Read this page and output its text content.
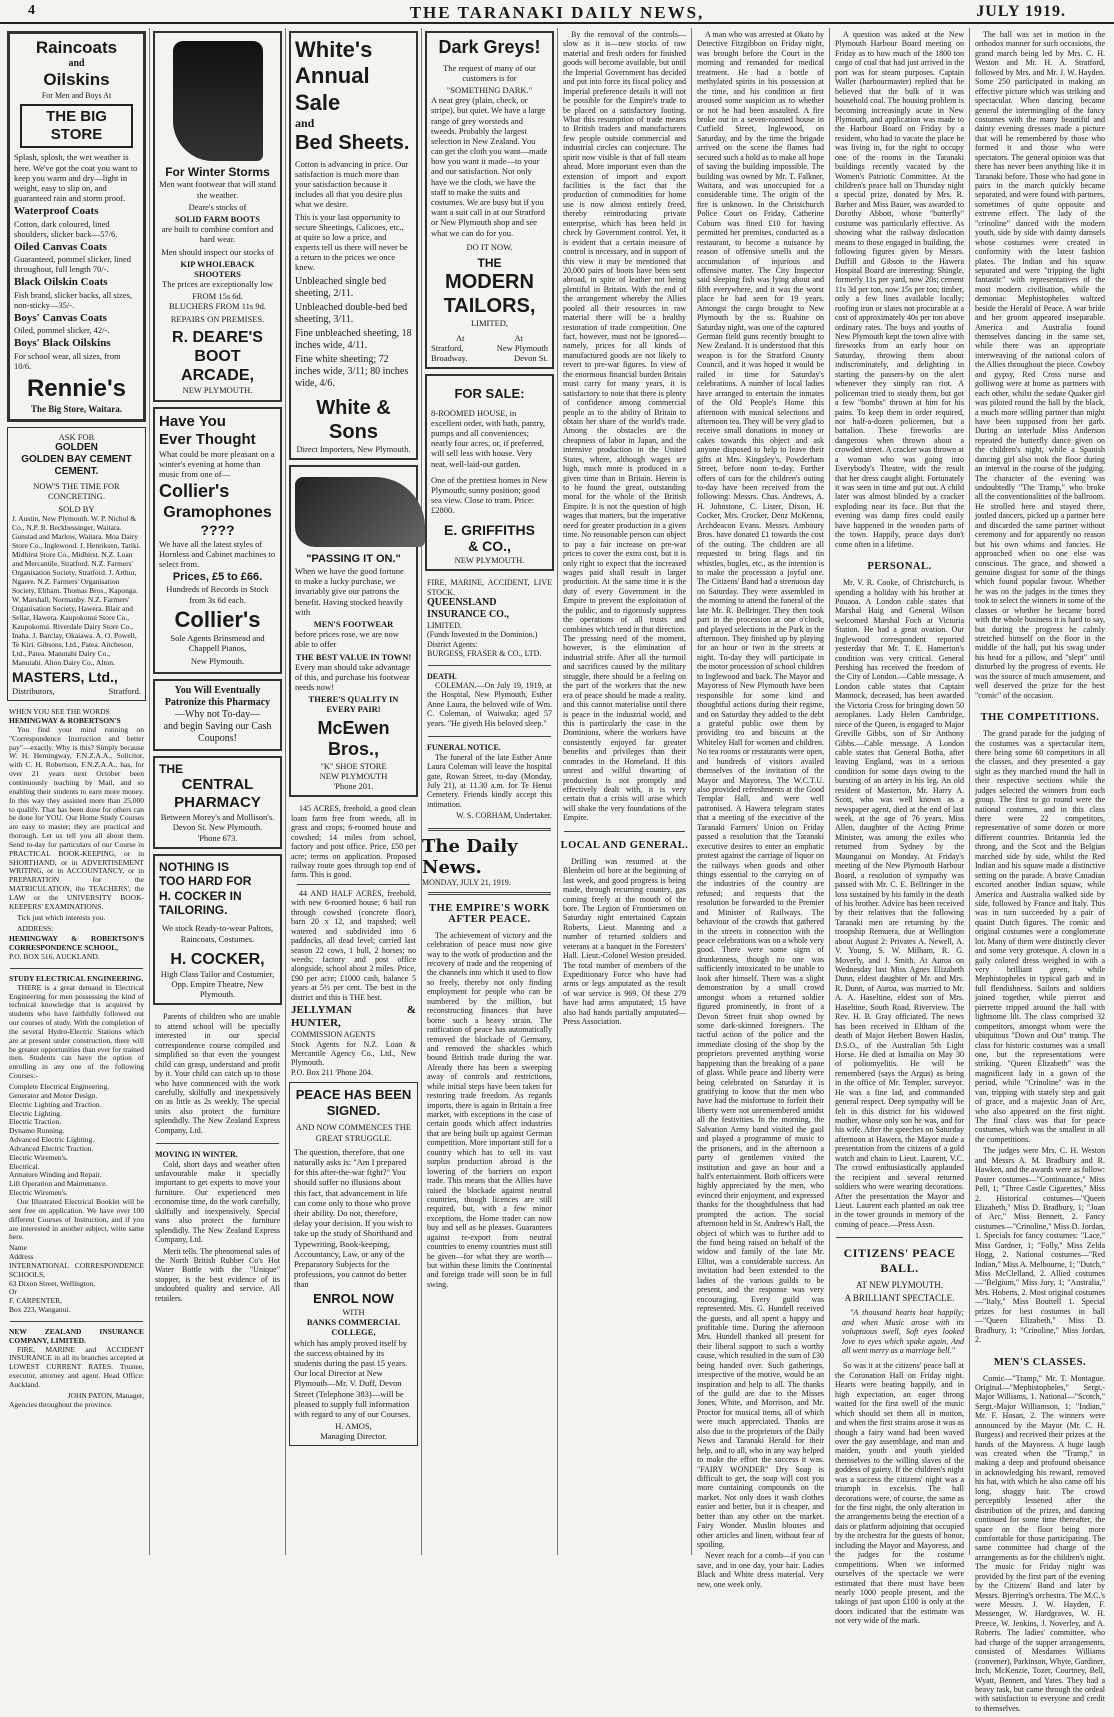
4	THE TARANAKI DAILY NEWS,	JULY 1919.
Raincoats
and
Oilskins
For Men and Boys At
THE BIG STORE

Splash, splosh, the wet weather is here. We've got the coat you want to keep you warm and dry—light in weight, easy to slip on, and guaranteed rain and storm proof.

Waterproof Coats

Cotton, dark coloured, lined shoulders, slicker back—57/6.

Oiled Canvas Coats

Guaranteed, pommel slicker, lined throughout, full length 70/-.

Black Oilskin Coats

Fish brand, slicker backs, all sizes, non-sticky—35/-.

Boys' Canvas Coats

Oiled, pommel slicker, 42/-.

Boys' Black Oilskins

For school wear, all sizes, from 10/6.

Rennie's
The Big Store, Waitara.
ASK FOR
GOLDEN
GOLDEN BAY CEMENT
CEMENT.
NOW'S THE TIME FOR CONCRETING.
SOLD BY

J. Austin, New Plymouth. W. P. Nichol & Co., N.P. R. Beckbessinger, Waitara. Gunstad and Marlow, Waitara. Moa Dairy Store Co., Inglewood. J. Henriksen, Tariki. Midhirst Store Co., Midhirst. N.Z. Loan and Mercantile, Stratford. N.Z. Farmers' Organisation Society, Stratford. J. Arthur, Ngaere. N.Z. Farmers' Organisation Society, Eltham. Thomas Bros., Kaponga. W. Marshall, Normanby. N.Z. Farmers' Organisation Society, Hawera. Blair and Sellar, Hawera. Kaupokonui Store Co., Kaupokonui. Riverdale Dairy Store Co., Inaha. J. Barclay, Okaiawa. A. O. Powell, Te Kiri. Gibsons, Ltd., Patea. Aitcheson, Ltd., Patea. Manutahi Dairy Co., Manutahi. Alton Dairy Co., Alton.

MASTERS, Ltd.,
Distributors,	Stratford.
WHEN YOU SEE THE WORDS
HEMINGWAY & ROBERTSON'S

You find your mind running on "Correspondence Instruction and better pay"—exactly. Why is this? Simply because W. H. Hemingway, F.N.Z.A.A., Solicitor, with C. H. Robertson, F.N.Z.A.A., has, for over 21 years next October been continuously teaching by Mail, and so enabling their students to earn more money. In this way they assisted more than 25,000 to qualify. That has been done for others can be done for YOU. Our Home Study Courses are easy to master; they are practical and thorough. Let us tell you all about them. Send to-day for particulars of our Course in PRACTICAL BOOK-KEEPING, or in SHORTHAND, or in ADVERTISEMENT WRITING, or in ACCOUNTANCY, or in PREPARATION for the MATRICULATION, the TEACHERS', the LAW or the UNIVERSITY BOOK-KEEPERS' EXAMINATIONS.

Tick just which interests you.

ADDRESS:

HEMINGWAY & ROBERTSON'S CORRESPONDENCE SCHOOL,
P.O. BOX 516, AUCKLAND.
STUDY ELECTRICAL ENGINEERING.

THERE is a great demand in Electrical Engineering for men possessing the kind of technical knowledge that is acquired by students who have faithfully followed out our courses of study. With the completion of the several Hydro-Electric Stations which are at present under construction, there will be greater opportunities than ever for trained men. Students can have the option of enrolling in any one of the following Courses:-

Complete Electrical Engineering.
Generator and Motor Design.
Electric Lighting and Traction.
Electric Lighting.
Electric Traction.
Dynamo Running.
Advanced Electric Lighting.
Advanced Electric Traction.
Electric Wiremen's.
Electrical.
Armature Winding and Repair.
Lift Operation and Maintenance.
Electric Wiremen's.

Our Illustrated Electrical Booklet will be sent free on application. We have over 100 different Courses of Instruction, and if you are interested in another subject, write same here.

Name
Address
INTERNATIONAL CORRESPONDENCE SCHOOLS,
63 Dixon Street, Wellington,
Or
F. CARPENTER,
Box 223, Wanganui.
NEW ZEALAND INSURANCE COMPANY, LIMITED.

FIRE, MARINE and ACCIDENT INSURANCE in all its branches accepted at LOWEST CURRENT RATES. Trustee, executor, attorney and agent. Head Office: Auckland.

JOHN PATON, Manager,
Agencies throughout the province.
For Winter Storms

Men want footwear that will stand the weather.

Deare's stocks of

SOLID FARM BOOTS

are built to combine comfort and hard wear.

Men should inspect our stocks of

KIP WHOLEBACK SHOOTERS

The prices are exceptionally low

FROM 15s 6d.
BLUCHERS FROM 11s 9d.
REPAIRS ON PREMISES.
R. DEARE'S
BOOT
ARCADE,
NEW PLYMOUTH.
Have You
Ever Thought

What could be more pleasant on a winter's evening at home than music from one of—

Collier's
Gramophones
????

We have all the latest styles of Hornless and Cabinet machines to select from.

Prices, £5 to £66.

Hundreds of Records in Stock from 3s 6d each.

Collier's

Sole Agents Brinsmead and Chappell Pianos,

New Plymouth.

You Will Eventually
Patronize this Pharmacy
—Why not To-day—
and begin Saving our Cash
Coupons!
THE
CENTRAL
PHARMACY
Between Morey's and Mollison's.
Devon St. New Plymouth.
'Phone 673.
NOTHING IS
TOO HARD FOR
H. COCKER IN
TAILORING.

We stock Ready-to-wear Paltots, Raincoats, Costumes.

H. COCKER,
High Class Tailor and Costumier,
Opp. Empire Theatre, New Plymouth.

Parents of children who are unable to attend school will be specially interested in our special correspondence course compiled and simplified so that even the youngest child can grasp, understand and profit by it. Your child can catch up to those who have commenced with the work carefully, skilfully and inexpensively on as little as 2s weekly. The special units also protect the furniture splendidly. The New Zealand Express Company, Ltd.

MOVING IN WINTER.

Cold, short days and weather often unfavourable make it specially important to get experts to move your furniture. Our experienced men economise time, do the work carefully, skilfully and inexpensively. Special vans also protect the furniture splendidly. The New Zealand Express Company, Ltd.

Merit tells. The phenomenal sales of the North British Rubber Co's Hot Water Bottle with the "Unique" stopper, is the best evidence of its undoubted quality and service. All retailers.

White's
Annual
Sale
and
Bed Sheets.

Cotton is advancing in price. Our satisfaction is much more than your satisfaction because it includes all that you desire plus what we desire.

This is your last opportunity to secure Sheetings, Calicoes, etc., at quite so low a price, and experts tell us there will never be a return to the prices we once knew.

Unbleached single bed sheeting, 2/11.

Unbleached double-bed bed sheeting, 3/11.

Fine unbleached sheeting, 18 inches wide, 4/11.

Fine white sheeting; 72 inches wide, 3/11; 80 inches wide, 4/6.

White & Sons
Direct Importers, New Plymouth.
"PASSING IT ON."

When we have the good fortune to make a lucky purchase, we invariably give our patrons the benefit. Having stocked heavily with

MEN'S FOOTWEAR

before prices rose, we are now able to offer

THE BEST VALUE IN TOWN!

Every man should take advantage of this, and purchase his footwear needs now!

THERE'S QUALITY IN EVERY PAIR!
McEwen Bros.,
"K" SHOE STORE
NEW PLYMOUTH
'Phone 201.

145 ACRES, freehold, a good clean loam farm free from weeds, all in grass and crops; 6-roomed house and cowshed; 14 miles from school, factory and post office. Price, £50 per acre; terms on application. Proposed railway route goes through top end of farm. This is good.

44 AND HALF ACRES, freehold, with new 6-roomed house; 6 bail run through cowshed (concrete floor), barn 20 x 12, and trapshed; well watered and subdivided into 6 paddocks, all dead level; carried last season 22 cows, 1 bull, 2 horses; no weeds; factory and post office alongside, school about 2 miles. Price, £90 per acre; £1000 cash, balance 5 years at 5½ per cent. The best in the district and this is THE best.

JELLYMAN & HUNTER,
COMMISSION AGENTS
Stock Agents for N.Z. Loan & Mercantile Agency Co., Ltd., New Plymouth.
P.O. Box 211 'Phone 204.
PEACE HAS BEEN
SIGNED.
AND NOW COMMENCES THE GREAT STRUGGLE.

The question, therefore, that one naturally asks is: "Am I prepared for this after-the-war fight?" You should suffer no illusions about this fact, that advancement in life can come only to those who prove their ability. Do not, therefore, delay your decision. If you wish to take up the study of Shorthand and Typewriting, Book-keeping, Accountancy, Law, or any of the Preparatory Subjects for the professions, you cannot do better than

ENROL NOW
WITH
BANKS COMMERCIAL COLLEGE,

which has amply proved itself by the success obtained by its students during the past 15 years. Our local Director at New Plymouth—Mr. V. Duff, Devon Street (Telephone 383)—will be pleased to supply full information with regard to any of our Courses.

H. AMOS,
Managing Director.
Dark Greys!

The request of many of our customers is for

"SOMETHING DARK."

A neat grey (plain, check, or stripe), but quiet. We have a large range of grey worsteds and tweeds. Probably the largest selection in New Zealand. You can get the cloth you want—made how you want it made—to your and our satisfaction. Not only have we the cloth, we have the staff to make the suits and costumes. We are busy but if you want a suit call in at our Stratford or New Plymouth shop and see what we can do for you.

DO IT NOW.
THE
MODERN
TAILORS,
LIMITED,
At	At
Stratford,	New Plymouth
Broadway.	Devon St.
FOR SALE:

8-ROOMED HOUSE, in excellent order, with bath, pantry, pumps and all conveniences; nearly four acres, or, if preferred, will sell less with house. Very neat, well-laid-out garden.

One of the prettiest homes in New Plymouth; sunny position; good sea view. Close to tram. Price: £2800.

E. GRIFFITHS
& CO.,
NEW PLYMOUTH.
FIRE, MARINE, ACCIDENT, LIVE STOCK.
QUEENSLAND INSURANCE CO.,
LIMITED.
(Funds Invested in the Dominion.)
District Agents:
BURGESS, FRASER & CO., LTD.
DEATH.

COLEMAN.—On July 19, 1919, at the Hospital, New Plymouth, Esther Anne Laura, the beloved wife of Wm. C. Coleman, of Waiwaka; aged 57 years. "He giveth His beloved sleep."

FUNERAL NOTICE.

The funeral of the late Esther Anne Laura Coleman will leave the hospital gate, Rowan Street, to-day (Monday, July 21), at 11.30 a.m. for Te Henui Cemetery. Friends kindly accept this intimation.

W. S. CORHAM, Undertaker.
The Daily News.
MONDAY, JULY 21, 1919.
THE EMPIRE'S WORK AFTER PEACE.

The achievement of victory and the celebration of peace must now give way to the work of production and the recovery of trade and the reopening of the channels into which it used to flow so freely, thereby not only finding employment for people who can be numbered by the million, but reconstructing finances that have borne such a heavy strain. The ratification of peace has automatically removed the blockade of Germany, and removed the shackles which bound British trade during the war. Already there has been a sweeping away of controls and restrictions, while initial steps have been taken for restoring trade freedom. As regards imports, there is again in Britain a free market, with exceptions in the case of certain goods which affect industries that are being built up against German competition. More important still for a country which has to sell its vast surplus production abroad is the lowering of the barriers on export trade. This means that the Allies have raised the blockade against neutral countries, though licences are still required, but, with a few minor exceptions, the Home trader can now buy and sell as he pleases. Guarantees against re-export from neutral countries to enemy countries must still be given—for what they are worth—but within these limits the Continental and foreign trade will soon be in full swing.

By the removal of the controls—slow as it is—new stocks of raw material and fresh orders for finished goods will become available, but until the Imperial Government has decided and put into force its fiscal policy and Imperial preference details it will not be possible for the Empire's trade to be placed on a satisfactory footing. What this resumption of trade means to British traders and manufacturers few people outside commercial and industrial circles can conjecture. The spirit now visible is that of full steam ahead. More important even than the extension of import and export facilities is the fact that the production of commodities for home use is now almost entirely freed, thereby reintroducing private enterprise, which has been held in check by Government control. Yet, it is evident that a certain measure of control is necessary, and in support of this view it may be mentioned that 20,000 pairs of boots have been sent abroad, in spite of leather not being plentiful in Britain. With the end of the arrangement whereby the Allies pooled all their resources in raw material there will be a healthy restoration of trade competition. One fact, however, must not be ignored—namely, prices for all kinds of manufactured goods are not likely to revert to pre-war figures. In view of the enormous financial burden Britain must carry for many years, it is satisfactory to note that there is plenty of confidence among commercial people as to the ability of Britain to obtain her share of the world's trade. Among the obstacles are the cheapness of labor in Japan, and the intensive production in the United States, where, although wages are high, much more is produced in a given time than in Britain. Herein is to be found the great, outstanding moral for the whole of the British Empire. It is not the question of high wages that matters, but the imperative need for greater production in a given time. No reasonable person can object to pay a fair increase on pre-war prices to cover the extra cost, but it is only right to expect that the increased wages paid shall result in larger production. At the same time it is the duty of every Government in the Empire to prevent the exploitation of the public, and to rigorously suppress the operations of all trusts and combines which tend in that direction. The pressing need of the moment, however, is the elimination of industrial strife. After all the turmoil and sacrifices caused by the military struggle, there should be a feeling on the part of the workers that the new era of peace should be made a reality, and this cannot materialise until there is peace in the industrial world, and this is particularly the case in the Dominions, where the workers have consistently enjoyed far greater benefits and privileges than their comrades in the Homeland. If this unrest and wilful thwarting of production is not promptly and effectively dealt with, it is very certain that a crisis will arise which will shake the very foundations of the Empire.

LOCAL AND GENERAL.

Drilling was resumed at the Blenheim oil bore at the beginning of last week, and good progress is being made, through recurring country, gas coming freely at the mouth of the bore. The Legion of Frontiersmen on Saturday night entertained Captain Roberts, Lieut. Manning and a number of returned soldiers and veterans at a banquet in the Foresters' Hall. Lieut.-Colonel Weston presided. The total number of members of the Expeditionary Force who have had arms or legs amputated as the result of war service is 969. Of these 279 have had arms amputated; 15 have also had hands partially amputated—Press Association.

A man who was arrested at Okato by Detective Fitzgibbon on Friday night, was brought before the Court in the morning and remanded for medical treatment. He had a bottle of methylated spirits in his possession at the time, and his condition at first aroused some suspicion as to whether or not he had been assaulted. A fire broke out in a seven-roomed house in Cutfield Street, Inglewood, on Saturday, and by the time the brigade arrived on the scene the flames had secured such a hold as to make all hope of saving the building impossible. The building was owned by Mr. T. Falkner, Waitara, and was unoccupied for a considerable time. The origin of the fire is unknown. In the Christchurch Police Court on Friday, Catherine Coburn was fined £10 for having permitted her premises, conducted as a restaurant, to become a nuisance by reason of offensive smells and the accumulation of injurious and offensive matter. The City Inspector said sleeping fish was lying about and filth everywhere, and it was the worst place he had seen for 19 years. Amongst the cargo brought to New Plymouth by the ss. Ruahine on Saturday night, was one of the captured German field guns recently brought to New Zealand. It is understood that this weapon is for the Stratford County Council, and it was hoped it would be railed in time for Saturday's celebrations. A number of local ladies have arranged to entertain the inmates of the Old People's Home this afternoon with musical selections and afternoon tea. They will be very glad to receive small donations in money or cakes towards this object and ask anyone disposed to help to leave their gifts at Mrs. Kingsley's, Powderham Street, before noon to-day. Further offers of cars for the children's outing to-day have been received from the following: Messrs. Chas. Andrews, A. H. Johnstone, C. Lister, Dixon, H. Cocker, Mrs. Crocker, Denz McKenna, Archdeacon Evans. Messrs. Amboury Bros. have donated £1 towards the cost of the outing. The children are all requested to bring flags and tin whistles, bugles, etc., as the intention is to make the procession a joyful one. The Citizens' Band had a strenuous day on Saturday. They were assembled in the morning to attend the funeral of the late Mr. R. Bellringer. They then took part in the procession at one o'clock, and played selections in the Park in the afternoon. They finished up by playing for an hour or two in the streets at night. To-day they will participate in the motor procession of school children to Inglewood and back. The Mayor and Mayoress of New Plymouth have been responsible for some kind and thoughtful actions during their regime, and on Saturday they added to the debt a grateful public owe them by providing tea and biscuits at the Whiteley Hall for women and children. No tea rooms or restaurants were open, and hundreds of visitors availed themselves of the invitation of the Mayor and Mayoress. The W.C.T.U. also provided refreshments at the Good Templar Hall, and were well patronised. A Hawera telegram states that a meeting of the executive of the Taranaki Farmers' Union on Friday passed a resolution that the Taranaki executive desires to enter an emphatic protest against the carriage of liquor on the railways when goods and other things essential to the carrying on of the industries of the country are refused; and requests that the resolution be forwarded to the Premier and Minister of Railways. The behaviour of the crowds that gathered in the streets in connection with the peace celebrations was on a whole very good. There were some signs of drunkenness, though no one was sufficiently intoxicated to be unable to look after himself. There was a slight demonstration by a small crowd amongst whom a returned soldier figured prominently, in front of a Devon Street fruit shop owned by some dark-skinned foreigners. The tactful action of the police and the immediate closing of the shop by the proprietors prevented anything worse happening than the breaking of a pane of glass. While peace and liberty were being celebrated on Saturday it is gratifying to know that the men who have had the misfortune to forfeit their liberty were not unremembered amidst all the festivities. In the morning, the Salvation Army band visited the gaol and played a programme of music to the prisoners, and in the afternoon a party of gentlemen visited the institution and gave an hour and a half's entertainment. Both officers were highly appreciated by the men, who evinced their enjoyment, and expressed thanks for the thoughtfulness that had prompted the action. The social afternoon held in St. Andrew's Hall, the object of which was to further add to the fund being raised on behalf of the widow and family of the late Mr. Elliot, was a considerable success. An invitation had been extended to the ladies of the various guilds to be present, and the response was very encouraging. Every guild was represented. Mrs. G. Hundell received the guests, and all spent a happy and profitable time. During the afternoon Mrs. Hundell thanked all present for their liberal support to such a worthy cause, which resulted in the sum of £30 being handed over. Such gatherings, irrespective of the motive, would be an inspiration and help to all. The thanks of the guild are due to the Misses Jones, White, and Morrison, and Mr. Proctor for musical items, all of which were much appreciated. Thanks are also due to the proprietors of the Daily News and Taranaki Herald for their help, and to all, who in any way helped to make the effort the success it was. "FAIRY WONDER" Dry Soap is difficult to get, the soap will cost you more containing compounds on the market. Not only does it wash clothes easier and better, but it is cheaper, and better than any other on the market. Fairy Wonder. Muslin blouses and other articles and linen, without fear of spoiling.

Never reach for a comb—if you can save, and in one day, your hair. Ladies Black and White dress material. Very new, one week only.

A question was asked at the New Plymouth Harbour Board meeting on Friday as to how much of the 1800 ton cargo of coal that had just arrived in the port was for steam purposes. Captain Waller (harbourmaster) replied that he believed that the bulk of it was household coal. The housing problem is becoming increasingly acute in New Plymouth, and application was made to the Harbour Board on Friday by a resident, who had to vacate the place he was living in, for the right to occupy one of the rooms in the Taranaki buildings recently vacated by the Women's Patriotic Committee. At the children's peace ball on Thursday night a special prize, donated by Mrs. R. Barber and Miss Bauer, was awarded to Dorothy Abbott, whose "butterfly" costume was particularly effective. As showing what the railway dislocation means to those engaged in building, the following figures given by Messrs. Duffill and Gibson to the Hawera Hospital Board are interesting: Shingle, formerly 11s per yard, now 20s; cement 11s 3d per ton, now 15s per ton; timber, only a few lines available locally; roofing iron or slates not procurable at a cost of approximately 40s per ton above ordinary rates. The boys and youths of New Plymouth kept the town alive with fireworks from an early hour on Saturday, throwing them about indiscriminately, and delighting in starting the passers-by on the alert whenever they simply ran riot. A policeman tried to steady them, but got a few "bombs" thrown at him for his pains. To keep them in order required, not half-a-dozen policemen, but a battalion. These fireworks are dangerous when thrown about a crowded street. A cracker was thrown at a woman who was going into Everybody's Theatre, with the result that her dress caught alight. Fortunately it was seen in time and put out. A child later was almost blinded by a cracker exploding near its face. But that the evening was damp fires could easily have happened in the wooden parts of the town. Happily, peace days don't come often in a lifetime.

PERSONAL.

Mr. V. R. Cooke, of Christchurch, is spending a holiday with his brother at Pouaoa. A London cable states that Marshal Haig and General Wilson welcomed Marshal Foch at Victoria Station. He had a great ovation. Our Inglewood correspondent reported yesterday that Mr. T. E. Hamerton's condition was very critical. General Pershing has received the freedom of the City of London.—Cable message. A London cable states that Captain Mannock, deceased, has been awarded the Victoria Cross for bringing down 50 aeroplanes. Lady Helen Cambridge, niece of the Queen, is engaged to Major Greville Gibbs, son of Sir Anthony Gibbs.—Cable message. A London cable states that General Botha, after leaving England, was in a serious condition for some days owing to the bursting of an artery in his leg. An old resident of Masterton, Mr. Harry A. Scott, who was well known as a newspaper agent, died at the end of last week, at the age of 76 years. Miss Allen, daughter of the Acting Prime Minister, was among the exiles who returned from Sydney by the Maunganui on Monday. At Friday's meeting of the New Plymouth Harbour Board, a resolution of sympathy was passed with Mr. C. E. Bellringer in the loss sustained by his family in the death of his brother. Advice has been received by their relatives that the following Taranaki men are returning by the troopship Remuera, due at Wellington about August 2: Privates A. Newell, A. V. Young, S. W. Milham, R. G. Moverly, and J. Smith. At Auroa on Wednesday last Miss Agnes Elizabeth Dunn, eldest daughter of Mr. and Mrs. R. Dunn, of Auroa, was married to Mr. A. A. Haseltine, eldest son of Mrs. Haseltine, South Road, Riverview. The Rev. H. B. Gray officiated. The news has been received in Eltham of the death of Major Herbert Bowen Haslin, D.S.O., of the Australian 5th Light Horse. He died at Ismailia on May 30 of poliomyelitis. He will be remembered (says the Argus) as being in the office of Mr. Templer, surveyor. He was a fine lad, and commanded general respect. Deep sympathy will be felt in this district for his widowed mother, whose only son he was, and for his wife. After the speeches on Saturday afternoon at Hawera, the Mayor made a presentation from the citizens of a gold watch and chain to Lieut. Laurent, V.C. The crowd enthusiastically applauded the recipient and several returned soldiers who were wearing decorations. After the presentation the Mayor and Lieut. Laurent each planted an oak tree in the tower grounds in memory of the coming of peace.—Press Assn.

CITIZENS' PEACE BALL.
AT NEW PLYMOUTH.
A BRILLIANT SPECTACLE.

"A thousand hearts beat happily; and when Music arose with its voluptuous swell, Soft eyes looked love to eyes which spake again, And all went merry as a marriage bell."

So was it at the citizens' peace ball at the Coronation Hall on Friday night. Hearts were beating happily, and in high expectation, an eager throng waited for the first swell of the music which should set them all in motion, and when the first strains arose it was as though a fairy wand had been waved over the gay assemblage, and man and maiden, youth and youth yielded themselves to the willing slaves of the goddess of gaiety. If the children's night was a success the citizens' night was a triumph in excelsis. The hall decorations were, of course, the same as for the first night, the only alteration in the arrangements being the erection of a dais or platform adjoining that occupied by the orchestra for the guests of honor, including the Mayor and Mayoress, and the judges for the costume competitions. When we informed ourselves of the spectacle we were estimated that there must have been nearly 1000 people present, and the takings of just upon £100 is only at the doors indicated that the estimate was not very wide of the mark.

The ball was set in motion in the orthodox manner for such occasions, the grand march being led by Mrs. C. H. Weston and Mr. H. A. Stratford, followed by Mrs. and Mr. J. W. Hayden. Some 250 participated in making an effective picture which was striking and spectacular. When dancing became general the intermingling of the fancy costumes with the many beautiful and dainty evening dresses made a picture that will be remembered by those who formed it and those who were spectators. The general opinion was that there has never been anything like it in Taranaki before. Those who had gone in pairs in the march quickly became separated, and were found with partners, sometimes of quite opposite and extreme effect. The lady of the "crinoline" danced with the modern youth, side by side with dainty damsels whose costumes were created in conformity with the latest fashion plates. The Indian and his squaw separated and were "tripping the light fantastic" with representatives of the most modern civilisation, while the demoniac Mephistopheles waltzed beside the Herald of Peace. A war bride and her groom appeared inseparable. America and Australia found themselves dancing in the same set, while there was an appropriate interweaving of the national colors of the Allies throughout the piece. Cowboy and gypsy, Red Cross nurse and golliwog were at home as partners with each other, whilst the sedate Quaker girl was piloted round the hall by the black, a much more willing partner than might have been supposed from her garb. During an interlude Miss Anderson repeated the butterfly dance given on the children's night, while a Spanish dancing girl also took the floor during an interval in the course of the judging. The character of the evening was undoubtedly "The Tramp," who broke all the conventionalities of the ballroom. He strolled here and stayed there, jostled dancers, picked up a partner here and discarded the same partner without ceremony and for apparently no reason but his own whims and fancies. He approached when no one else was conscious. The grace, and showed a genuine disgust for some of the things which found popular favour. Whether he was on the judges in the times they took to select the winners in some of the classes or whether he became bored with the whole business it is hard to say, but during the progress he calmly stretched himself on the floor in the middle of the hall, put his swag under his head for a pillow, and "slept" until disturbed by the progress of events. He was the source of much amusement, and well deserved the prize for the best "comic" of the occasion.

THE COMPETITIONS.

The grand parade for the judging of the costumes was a spectacular item, there being some 60 competitors in all the classes, and they presented a gay sight as they marched round the hall in their respective sections while the judges selected the winners from each group. The first to go round were the national costumes, and in this class there were 22 competitors, representative of some dozen or more different countries. Britannia led the throng, and the Scot and the Belgian marched side by side, whilst the Red Indian and his squaw made a distinctive setting on the parade. A brave Canadian escorted another Indian squaw, while America and Australia walked side by side, followed by France and Italy. This was in turn succeeded by a pair of quaint Dutch figures. The comic and original costumes were a conglomerate lot. Many of them were distinctly clever and some very grotesque. A clown in a gaily colored dress weighed in with a very brilliant green, while Mephistopheles in typical garb and in full flendishness. Sailors and soldiers joined together, while pierrot and pierrette tripped around the hall with lightsome lilt. The class comprised 32 competitors, amongst whom were the ubiquitous "Down and Out" tramp. The class for historic costumes was a small one, but the representations were striking. "Queen Elizabeth" was the magnificent lady in a gown of the period, while "Crinoline" was in the van, tripping with stately step and gait of grace, and a majestic Joan of Arc, who also appeared on the first night. The final class was that for peace costumes, which was the smallest in all the competitions.

The judges were Mrs. C. H. Weston and Messrs A. M. Bradbury and R. Hawken, and the awards were as follow: Poster costumes—"Continuance," Miss Pell, 1; "Three Castle Cigarettes," Miss 2. Historical costumes—"Queen Elizabeth," Miss D. Bradbury, 1; "Joan of Arc," Miss Bennett, 2. Fancy costumes—"Crinoline," Miss D. Jordan, 1. Specials for fancy costumes: "Lace," Miss Gardner, 1; "Folly," Miss Zelda Hogg, 2. National costumes—"Red Indian," Miss A. Melbourne, 1; "Dutch," Miss McClelland, 2. Allied costumes—"Belgium," Miss Jury, 1; "Australia," Mrs. Hoberts, 2. Most original costumes—"Italy," Miss Bouttell 1. Special prizes for best costumes in ball—"Queen Elizabeth," Miss D. Bradbury, 1; "Crinoline," Miss Jordan, 2.

MEN'S CLASSES.

Comic—"Tramp," Mr. T. Montague. Original—"Mephistopheles," Sergt.-Major Williams, 1. National—"Scotch," Sergt.-Major Williamson, 1; "Indian," Mr. F. Hosan, 2. The winners were announced by the Mayor (Mr. C. H. Burgess) and received their prizes at the hands of the Mayoress. A huge laugh was created when the "Tramp," in making a deep and profound obeisance in acknowledging his reward, removed his hat, with which he also came off his long, shaggy hair. The crowd perceptibly lessened after the distribution of the prizes, and dancing continued for some time thereafter, the space on the floor being more comfortable for those participating. The same committee had charge of the arrangements as for the children's night. The music for Friday night was provided by the first part of the evening by the Citizens' Band and later by Messrs. Bjerring's orchestra. The M.C.'s were Messrs. J. W. Hayden, F. Messenger, W. Hardgraves, W. H. Preece, W. Jenkins, J. Noverley, and A. Roberts. The ladies' committee, who had charge of the supper arrangements, consisted of Mesdames Williams (convener), Parkinson, Whyte, Gardiner, Inch, McKenzie, Tozer, Courtney, Bell, Wyatt, Bennett, and Yates. They had a heavy task, but came through the ordeal with satisfaction to everyone and credit to themselves.
